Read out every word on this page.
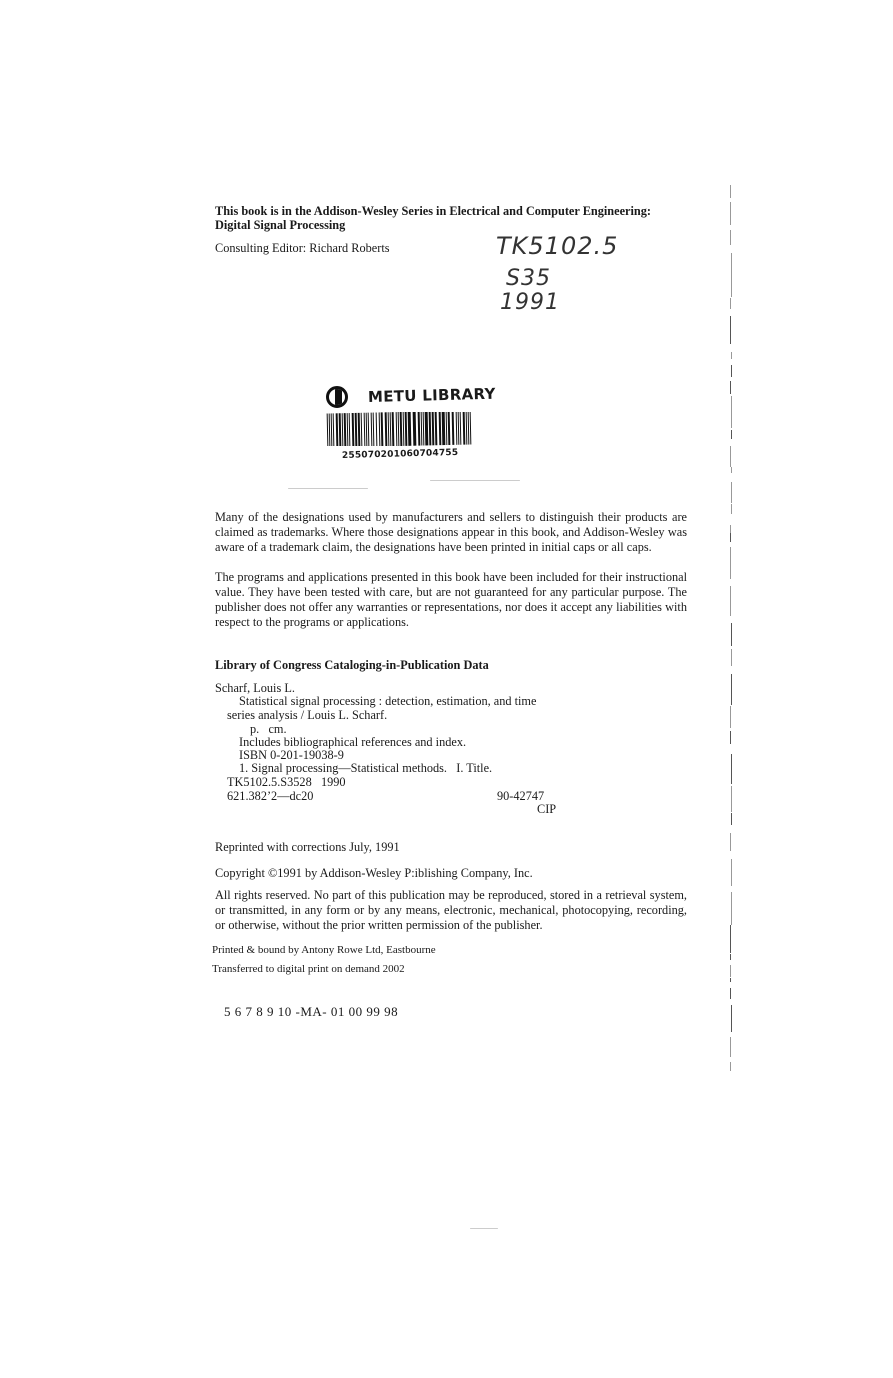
This book is in the Addison-Wesley Series in Electrical and Computer Engineering:
Digital Signal Processing
Consulting Editor: Richard Roberts	TK5102.5
S35
1991
METU LIBRARY
255070201060704755
Many of the designations used by manufacturers and sellers to distinguish their products are
claimed as trademarks. Where those designations appear in this book, and Addison-Wesley was
aware of a trademark claim, the designations have been printed in initial caps or all caps.
The programs and applications presented in this book have been included for their instructional
value. They have been tested with care, but are not guaranteed for any particular purpose. The
publisher does not offer any warranties or representations, nor does it accept any liabilities with
respect to the programs or applications.
Library of Congress Cataloging-in-Publication Data
Scharf, Louis L.
Statistical signal processing : detection, estimation, and time
series analysis / Louis L. Scharf.
p.   cm.
Includes bibliographical references and index.
ISBN 0-201-19038-9
1. Signal processing—Statistical methods.   I. Title.
TK5102.5.S3528   1990
621.382’2—dc20	90-42747
CIP
Reprinted with corrections July, 1991
Copyright ©1991 by Addison-Wesley P:iblishing Company, Inc.
All rights reserved. No part of this publication may be reproduced, stored in a retrieval system,
or transmitted, in any form or by any means, electronic, mechanical, photocopying, recording,
or otherwise, without the prior written permission of the publisher.
Printed & bound by Antony Rowe Ltd, Eastbourne
Transferred to digital print on demand 2002
5 6 7 8 9 10 -MA- 01 00 99 98
